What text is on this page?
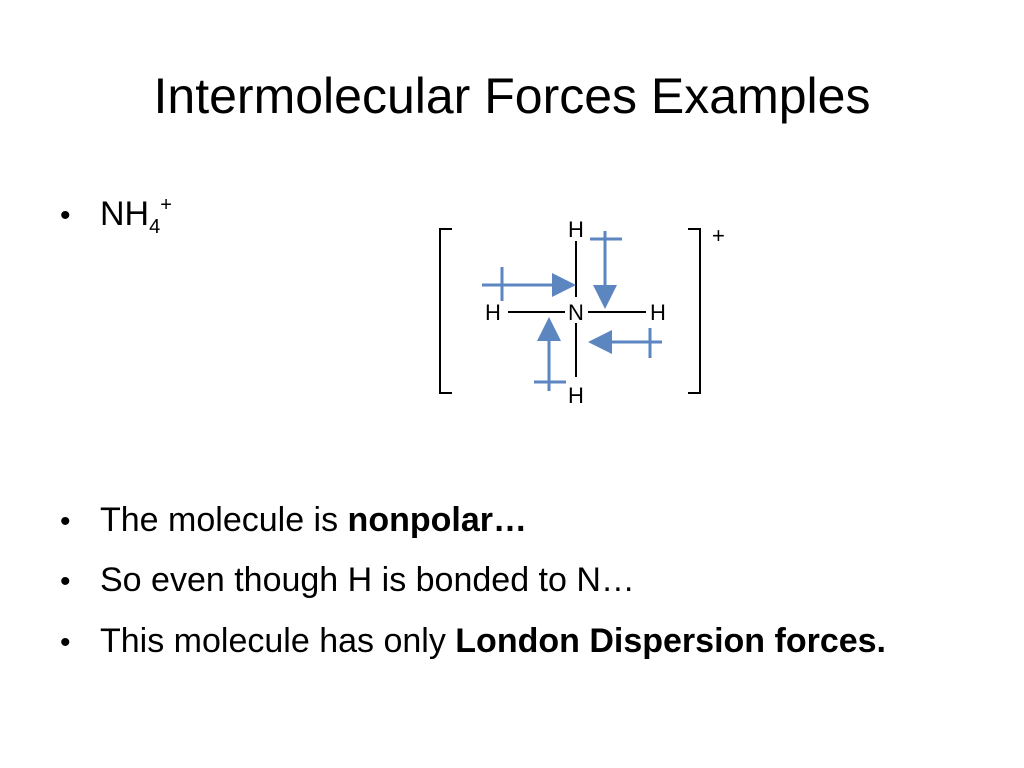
Intermolecular Forces Examples
• $NH_4^+$
+
N
H
H	H
H
• The molecule is nonpolar…
• So even though H is bonded to N…
• This molecule has only London Dispersion forces.
